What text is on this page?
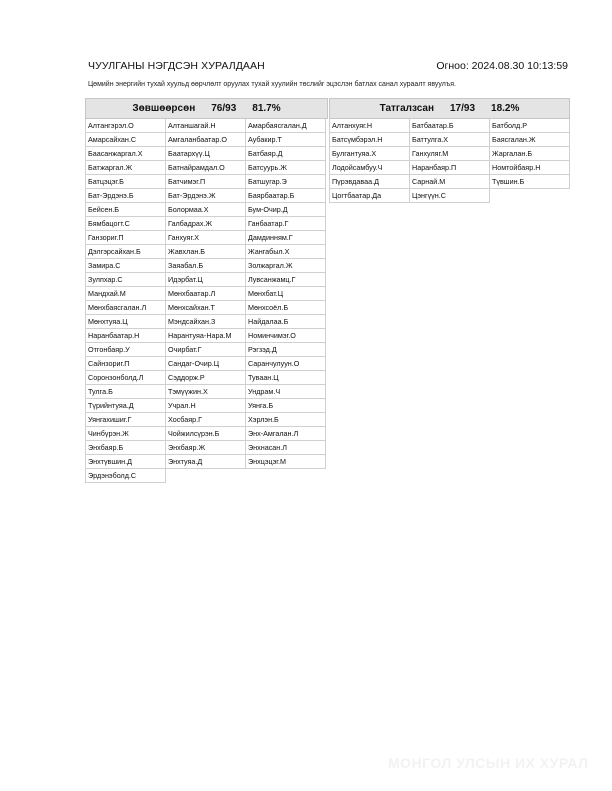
ЧУУЛГАНЫ НЭГДСЭН ХУРАЛДААН	Огноо: 2024.08.30 10:13:59
Цөмийн энергийн тухай хуульд өөрчлөлт оруулах тухай хуулийн төслийг эцэслэн батлах санал хураалт явуулъя.
Зөвшөөрсөн 76/93 81.7%
Алтангэрэл.О	Алтаншагай.Н	Амарбаясгалан.Д
Амарсайхан.С	Амгаланбаатар.О	Аубакир.Т
Баасанжаргал.Х	Баатархүү.Ц	Батбаяр.Д
Батжаргал.Ж	Батнайрамдал.О	Батсуурь.Ж
Батцэцэг.Б	Батчимэг.П	Батшугар.Э
Бат-Эрдэнэ.Б	Бат-Эрдэнэ.Ж	Баярбаатар.Б
Бейсен.Б	Болормаа.Х	Бум-Очир.Д
Бямбацогт.С	Галбадрах.Ж	Ганбаатар.Г
Ганзориг.П	Ганхуяг.Х	Дамдинням.Г
Дэлгэрсайхан.Б	Жавхлан.Б	Жангабыл.Х
Замира.С	Заяабал.Б	Золжаргал.Ж
Зулпхар.С	Идэрбат.Ц	Лувсанжамц.Г
Мандхай.М	Мөнхбаатар.Л	Мөнхбат.Ц
Мөнхбаясгалан.Л	Мөнхсайхан.Т	Мөнхсоёл.Б
Мөнхтуяа.Ц	Мэндсайхан.З	Найдалаа.Б
Наранбаатар.Н	Нарантуяа-Нара.М	Номинчимэг.О
Отгонбаяр.У	Очирбат.Г	Рэгзэд.Д
Сайнзориг.П	Сандаг-Очир.Ц	Саранчулуун.О
Соронзонболд.Л	Сэддорж.Р	Туваан.Ц
Тулга.Б	Тэмүүжин.Х	Ундрам.Ч
Түрийнтуяа.Д	Учрал.Н	Уянга.Б
Уянгахишиг.Г	Хосбаяр.Г	Хэрлэн.Б
Чинбүрэн.Ж	Чойжилсүрэн.Б	Энх-Амгалан.Л
Энхбаяр.Б	Энхбаяр.Ж	Энхнасан.Л
Энхтүвшин.Д	Энхтуяа.Д	Энхцэцэг.М
Эрдэнэболд.С
Татгалзсан 17/93 18.2%
Алтанхуяг.Н	Батбаатар.Б	Батболд.Р
Батсүмбэрэл.Н	Баттулга.Х	Баясгалан.Ж
Булгантуяа.Х	Ганхуляг.М	Жаргалан.Б
Лодойсамбуу.Ч	Наранбаяр.П	Номтойбаяр.Н
Пүрэвдаваа.Д	Сарнай.М	Түвшин.Б
Цогтбаатар.Да	Цэнгүүн.С
МОНГОЛ УЛСЫН ИХ ХУРАЛ
